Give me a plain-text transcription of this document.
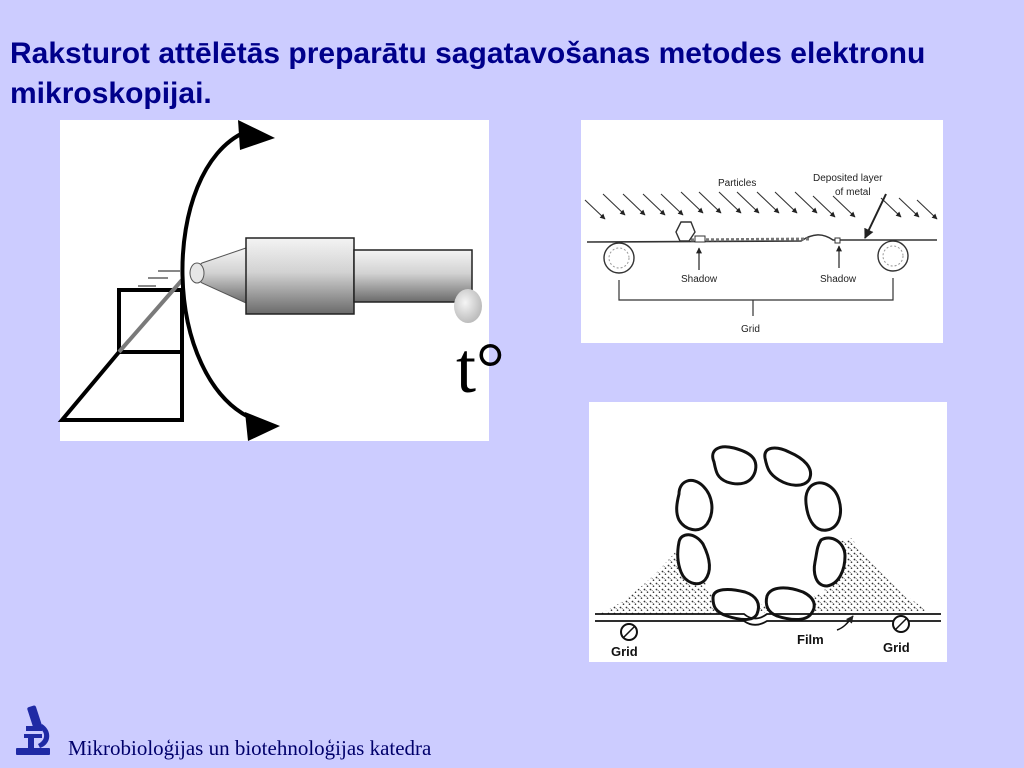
Raksturot attēlētās preparātu sagatavošanas metodes elektronu mikroskopijai.
t°
Particles	Deposited layer
of metal
Shadow	Shadow
Grid
Film
Grid	Grid
Mikrobioloģijas un biotehnoloģijas katedra
